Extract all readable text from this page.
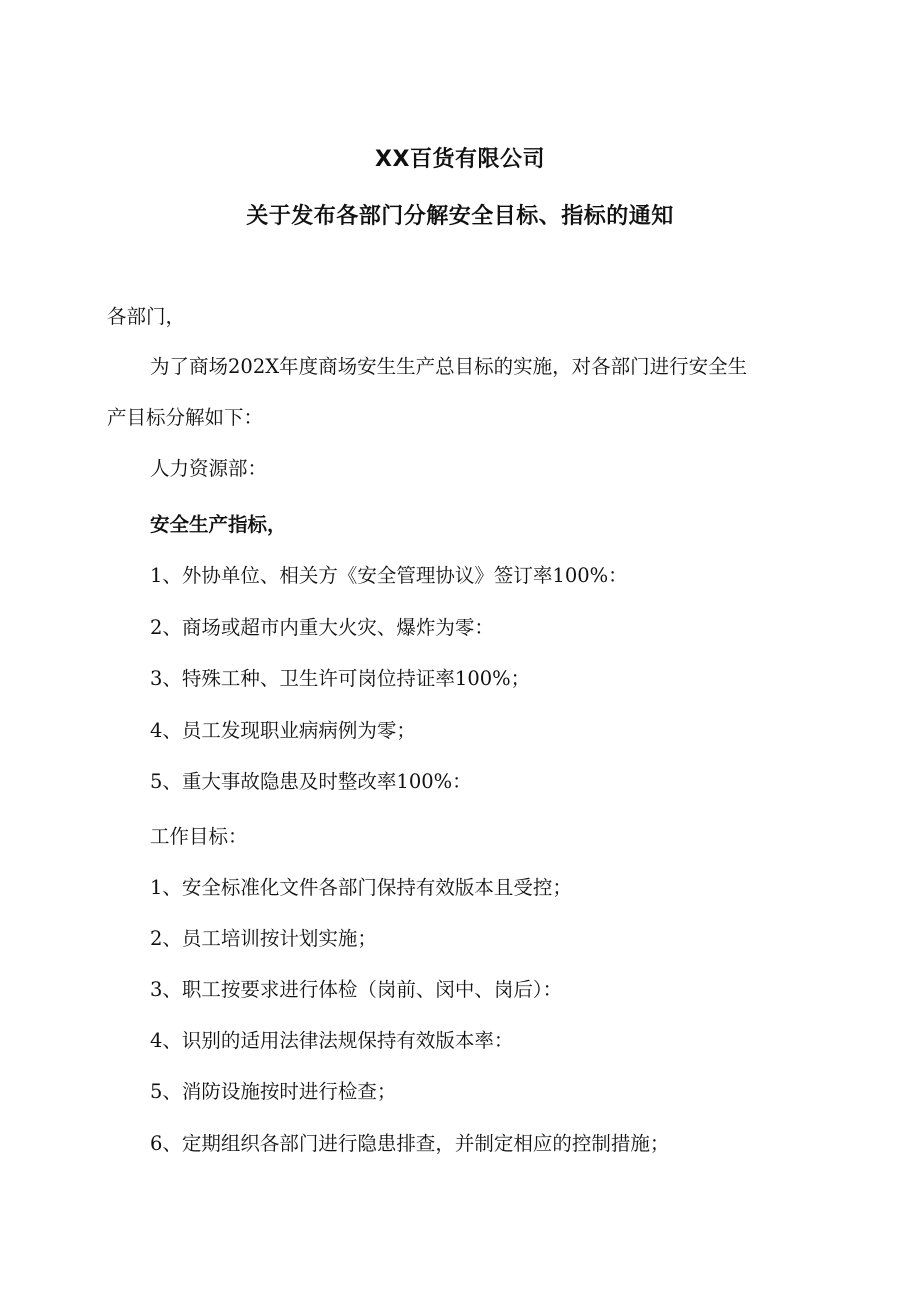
XX百货有限公司
关于发布各部门分解安全目标、指标的通知
各部门，
为了商场202X年度商场安生生产总目标的实施，对各部门进行安全生
产目标分解如下：
人力资源部：
安全生产指标，
1、外协单位、相关方《安全管理协议》签订率100%：
2、商场或超市内重大火灾、爆炸为零：
3、特殊工种、卫生许可岗位持证率100%；
4、员工发现职业病病例为零；
5、重大事故隐患及时整改率100%：
工作目标：
1、安全标准化文件各部门保持有效版本且受控；
2、员工培训按计划实施；
3、职工按要求进行体检（岗前、闵中、岗后）：
4、识别的适用法律法规保持有效版本率：
5、消防设施按时进行检查；
6、定期组织各部门进行隐患排查，并制定相应的控制措施；
